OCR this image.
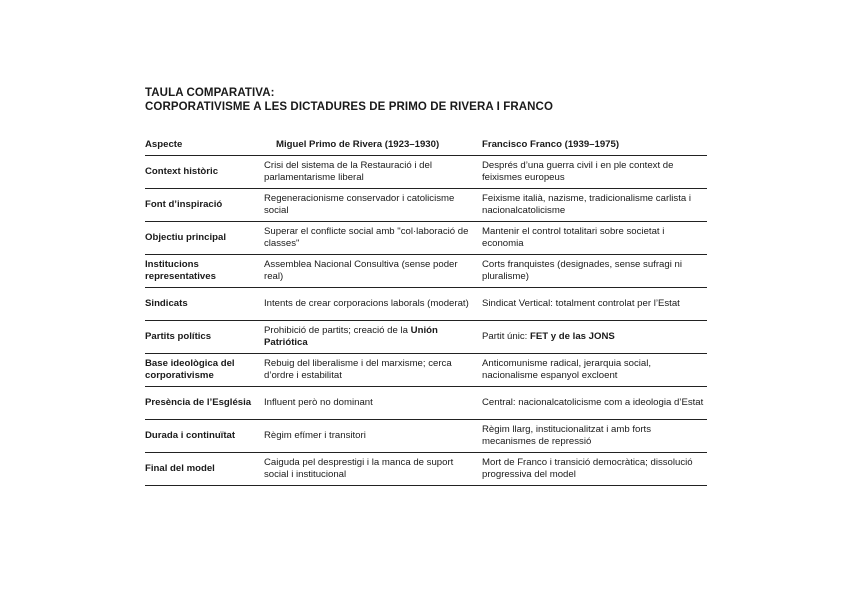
TAULA COMPARATIVA:

CORPORATIVISME A LES DICTADURES DE PRIMO DE RIVERA I FRANCO

Aspecte	Miguel Primo de Rivera (1923–1930)	Francisco Franco (1939–1975)
Context històric	Crisi del sistema de la Restauració i del parlamentarisme liberal	Després d’una guerra civil i en ple context de feixismes europeus
Font d’inspiració	Regeneracionisme conservador i catolicisme social	Feixisme italià, nazisme, tradicionalisme carlista i nacionalcatolicisme
Objectiu principal	Superar el conflicte social amb "col·laboració de classes"	Mantenir el control totalitari sobre societat i economia
Institucions representatives	Assemblea Nacional Consultiva (sense poder real)	Corts franquistes (designades, sense sufragi ni pluralisme)
Sindicats	Intents de crear corporacions laborals (moderat)	Sindicat Vertical: totalment controlat per l’Estat
Partits polítics	Prohibició de partits; creació de la Unión Patriótica	Partit únic: FET y de las JONS
Base ideològica del corporativisme	Rebuig del liberalisme i del marxisme; cerca d’ordre i estabilitat	Anticomunisme radical, jerarquia social, nacionalisme espanyol excloent
Presència de l’Església	Influent però no dominant	Central: nacionalcatolicisme com a ideologia d’Estat
Durada i continuïtat	Règim efímer i transitori	Règim llarg, institucionalitzat i amb forts mecanismes de repressió
Final del model	Caiguda pel desprestigi i la manca de suport social i institucional	Mort de Franco i transició democràtica; dissolució progressiva del model
